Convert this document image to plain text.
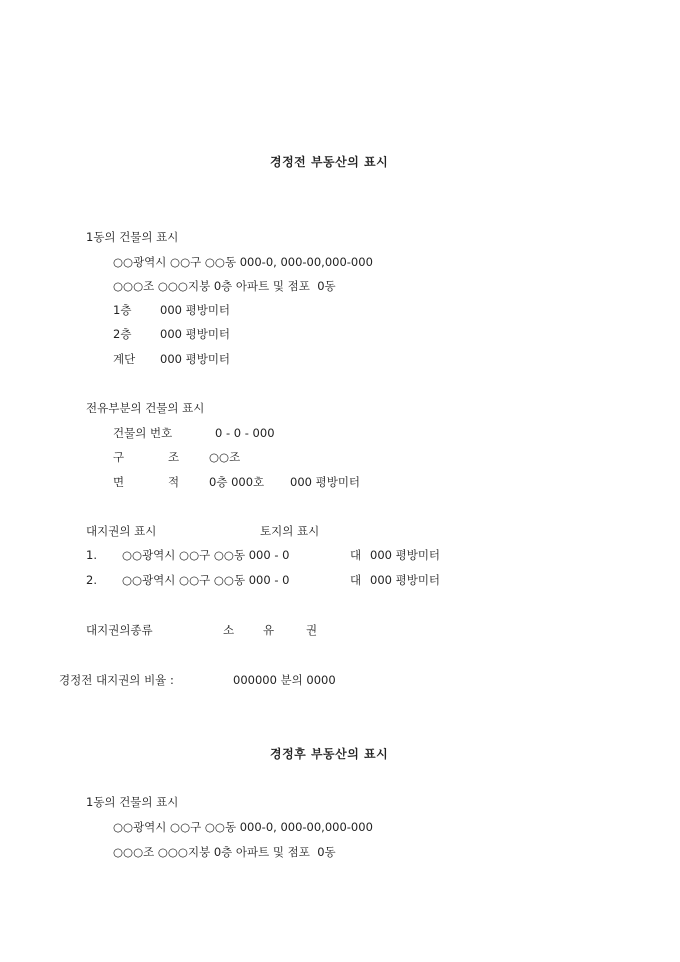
경정전 부동산의 표시
1동의 건물의 표시
○○광역시 ○○구 ○○동 000-0, 000-00,000-000
○○○조 ○○○지붕 0층 아파트 및 점포  0동
1층 000 평방미터
2층 000 평방미터
계단 000 평방미터
전유부분의 건물의 표시
건물의 번호	0 - 0 - 000
구	조	○○조
면	적	0층 000호 000 평방미터
대지권의 표시	토지의 표시
1. ○○광역시 ○○구 ○○동 000 - 0	대 000 평방미터
2. ○○광역시 ○○구 ○○동 000 - 0	대 000 평방미터
대지권의종류	소	유	권
경정전 대지권의 비율 :	000000 분의 0000
경정후 부동산의 표시
1동의 건물의 표시
○○광역시 ○○구 ○○동 000-0, 000-00,000-000
○○○조 ○○○지붕 0층 아파트 및 점포  0동
